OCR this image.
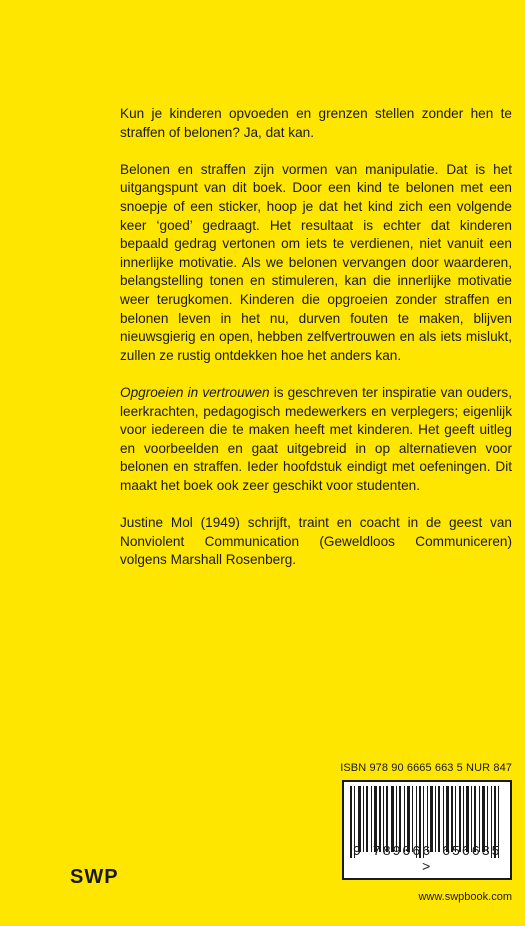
Kun je kinderen opvoeden en grenzen stellen zonder hen te straffen of belonen? Ja, dat kan.

Belonen en straffen zijn vormen van manipulatie. Dat is het uitgangspunt van dit boek. Door een kind te belonen met een snoepje of een sticker, hoop je dat het kind zich een volgende keer ‘goed’ gedraagt. Het resultaat is echter dat kinderen bepaald gedrag vertonen om iets te verdienen, niet vanuit een innerlijke motivatie. Als we belonen vervangen door waarderen, belangstelling tonen en stimuleren, kan die innerlijke motivatie weer terugkomen. Kinderen die opgroeien zonder straffen en belonen leven in het nu, durven fouten te maken, blijven nieuwsgierig en open, hebben zelfvertrouwen en als iets mislukt, zullen ze rustig ontdekken hoe het anders kan.

Opgroeien in vertrouwen is geschreven ter inspiratie van ouders, leerkrachten, pedagogisch medewerkers en verplegers; eigenlijk voor iedereen die te maken heeft met kinderen. Het geeft uitleg en voorbeelden en gaat uitgebreid in op alternatieven voor belonen en straffen. Ieder hoofdstuk eindigt met oefeningen. Dit maakt het boek ook zeer geschikt voor studenten.

Justine Mol (1949) schrijft, traint en coacht in de geest van Nonviolent Communication (Geweldloos Communiceren) volgens Marshall Rosenberg.

ISBN 978 90 6665 663 5 NUR 847
9 789066 656635 >
SWP
www.swpbook.com
